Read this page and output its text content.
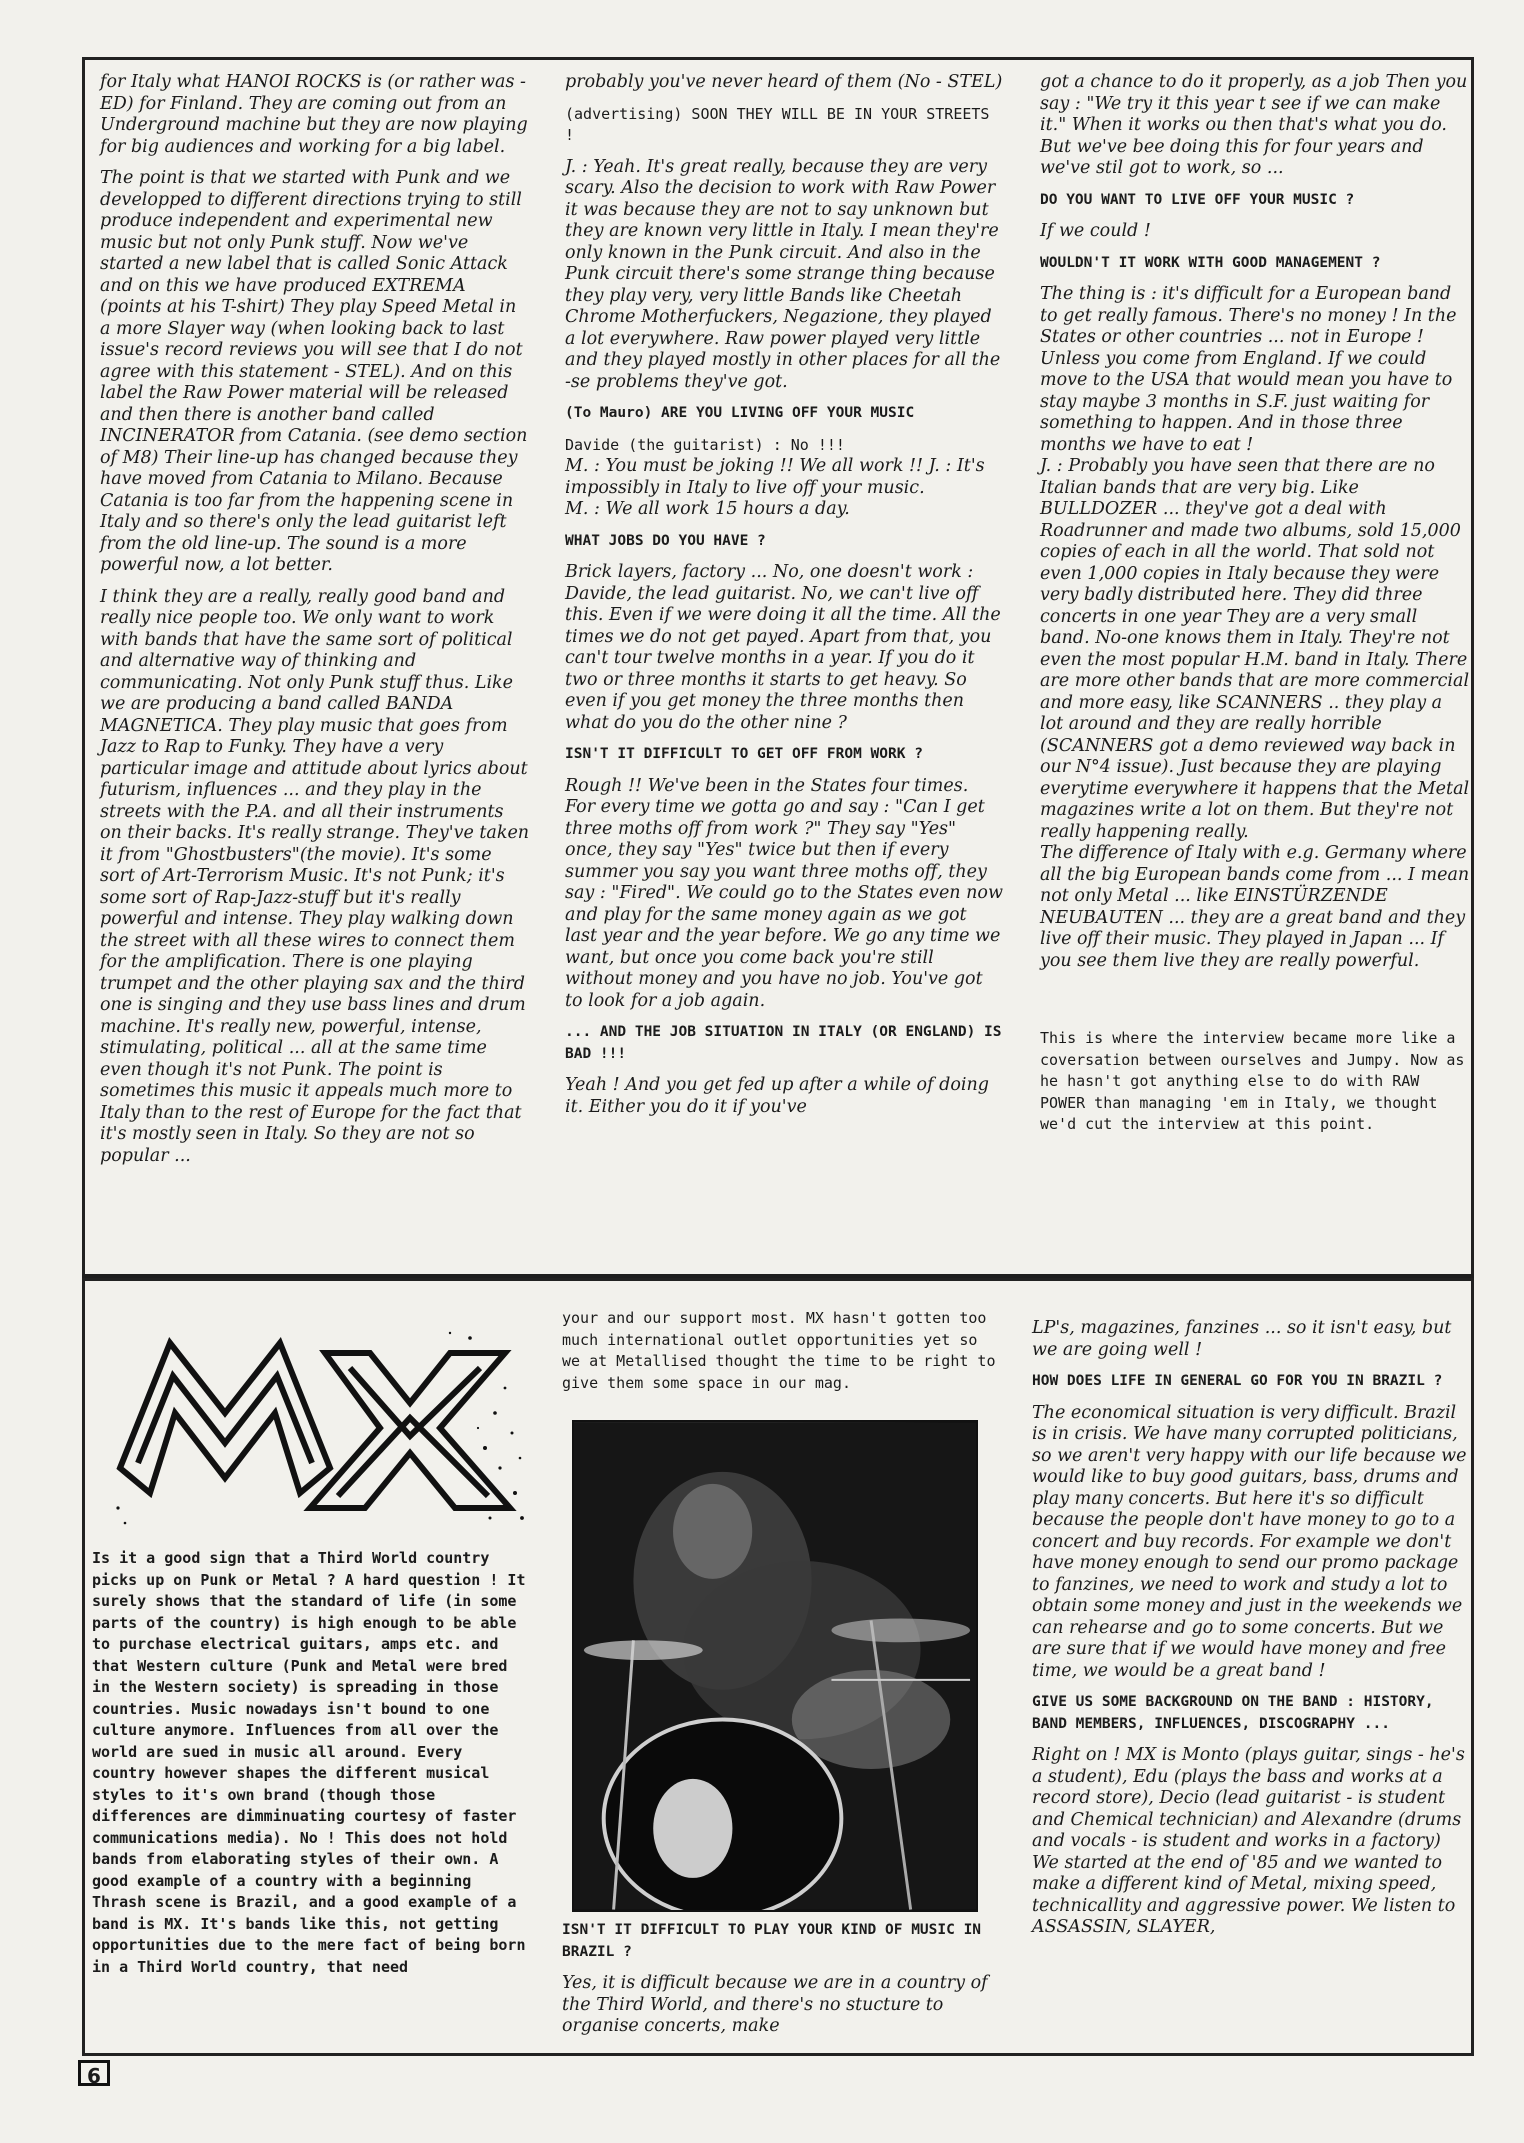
for Italy what HANOI ROCKS is (or rather was - ED) for Finland. They are coming out from an Underground machine but they are now playing for big audiences and working for a big label.

The point is that we started with Punk and we developped to different directions trying to still produce independent and experimental new music but not only Punk stuff. Now we've started a new label that is called Sonic Attack and on this we have produced EXTREMA (points at his T-shirt) They play Speed Metal in a more Slayer way (when looking back to last issue's record reviews you will see that I do not agree with this statement - STEL). And on this label the Raw Power material will be released and then there is another band called INCINERATOR from Catania. (see demo section of M8) Their line-up has changed because they have moved from Catania to Milano. Because Catania is too far from the happening scene in Italy and so there's only the lead guitarist left from the old line-up. The sound is a more powerful now, a lot better.

I think they are a really, really good band and really nice people too. We only want to work with bands that have the same sort of political and alternative way of thinking and communicating. Not only Punk stuff thus. Like we are producing a band called BANDA MAGNETICA. They play music that goes from Jazz to Rap to Funky. They have a very particular image and attitude about lyrics about futurism, influences ... and they play in the streets with the P.A. and all their instruments on their backs. It's really strange. They've taken it from "Ghostbusters"(the movie). It's some sort of Art-Terrorism Music. It's not Punk; it's some sort of Rap-Jazz-stuff but it's really powerful and intense. They play walking down the street with all these wires to connect them for the amplification. There is one playing trumpet and the other playing sax and the third one is singing and they use bass lines and drum machine. It's really new, powerful, intense, stimulating, political ... all at the same time even though it's not Punk. The point is sometimes this music it appeals much more to Italy than to the rest of Europe for the fact that it's mostly seen in Italy. So they are not so popular ...

probably you've never heard of them (No - STEL)

(advertising) SOON THEY WILL BE IN YOUR STREETS !

J. : Yeah. It's great really, because they are very scary. Also the decision to work with Raw Power it was because they are not to say unknown but they are known very little in Italy. I mean they're only known in the Punk circuit. And also in the Punk circuit there's some strange thing because they play very, very little Bands like Cheetah Chrome Motherfuckers, Negazione, they played a lot everywhere. Raw power played very little and they played mostly in other places for all the -se problems they've got.

(To Mauro) ARE YOU LIVING OFF YOUR MUSIC

Davide (the guitarist) : No !!!

M. : You must be joking !! We all work !! J. : It's impossibly in Italy to live off your music.

M. : We all work 15 hours a day.

WHAT JOBS DO YOU HAVE ?

Brick layers, factory ... No, one doesn't work : Davide, the lead guitarist. No, we can't live off this. Even if we were doing it all the time. All the times we do not get payed. Apart from that, you can't tour twelve months in a year. If you do it two or three months it starts to get heavy. So even if you get money the three months then what do you do the other nine ?

ISN'T IT DIFFICULT TO GET OFF FROM WORK ?

Rough !! We've been in the States four times. For every time we gotta go and say : "Can I get three moths off from work ?" They say "Yes" once, they say "Yes" twice but then if every summer you say you want three moths off, they say : "Fired". We could go to the States even now and play for the same money again as we got last year and the year before. We go any time we want, but once you come back you're still without money and you have no job. You've got to look for a job again.

... AND THE JOB SITUATION IN ITALY (OR ENGLAND) IS BAD !!!

Yeah ! And you get fed up after a while of doing it. Either you do it if you've

got a chance to do it properly, as a job Then you say : "We try it this year t see if we can make it." When it works ou then that's what you do. But we've bee doing this for four years and we've stil got to work, so ...

DO YOU WANT TO LIVE OFF YOUR MUSIC ?

If we could !

WOULDN'T IT WORK WITH GOOD MANAGEMENT ?

The thing is : it's difficult for a European band to get really famous. There's no money ! In the States or other countries ... not in Europe ! Unless you come from England. If we could move to the USA that would mean you have to stay maybe 3 months in S.F. just waiting for something to happen. And in those three months we have to eat !

J. : Probably you have seen that there are no Italian bands that are very big. Like BULLDOZER ... they've got a deal with Roadrunner and made two albums, sold 15,000 copies of each in all the world. That sold not even 1,000 copies in Italy because they were very badly distributed here. They did three concerts in one year They are a very small band. No-one knows them in Italy. They're not even the most popular H.M. band in Italy. There are more other bands that are more commercial and more easy, like SCANNERS .. they play a lot around and they are really horrible (SCANNERS got a demo reviewed way back in our N°4 issue). Just because they are playing everytime everywhere it happens that the Metal magazines write a lot on them. But they're not really happening really.

The difference of Italy with e.g. Germany where all the big European bands come from ... I mean not only Metal ... like EINSTÜRZENDE NEUBAUTEN ... they are a great band and they live off their music. They played in Japan ... If you see them live they are really powerful.

This is where the interview became more like a coversation between ourselves and Jumpy. Now as he hasn't got anything else to do with RAW POWER than managing 'em in Italy, we thought we'd cut the interview at this point.

Is it a good sign that a Third World country picks up on Punk or Metal ? A hard question ! It surely shows that the standard of life (in some parts of the country) is high enough to be able to purchase electrical guitars, amps etc. and that Western culture (Punk and Metal were bred in the Western society) is spreading in those countries. Music nowadays isn't bound to one culture anymore. Influences from all over the world are sued in music all around. Every country however shapes the different musical styles to it's own brand (though those differences are dimminuating courtesy of faster communications media). No ! This does not hold bands from elaborating styles of their own. A good example of a country with a beginning Thrash scene is Brazil, and a good example of a band is MX. It's bands like this, not getting opportunities due to the mere fact of being born in a Third World country, that need

your and our support most. MX hasn't gotten too much international outlet opportunities yet so we at Metallised thought the time to be right to give them some space in our mag.

ISN'T IT DIFFICULT TO PLAY YOUR KIND OF MUSIC IN BRAZIL ?

Yes, it is difficult because we are in a country of the Third World, and there's no stucture to organise concerts, make

LP's, magazines, fanzines ... so it isn't easy, but we are going well !

HOW DOES LIFE IN GENERAL GO FOR YOU IN BRAZIL ?

The economical situation is very difficult. Brazil is in crisis. We have many corrupted politicians, so we aren't very happy with our life because we would like to buy good guitars, bass, drums and play many concerts. But here it's so difficult because the people don't have money to go to a concert and buy records. For example we don't have money enough to send our promo package to fanzines, we need to work and study a lot to obtain some money and just in the weekends we can rehearse and go to some concerts. But we are sure that if we would have money and free time, we would be a great band !

GIVE US SOME BACKGROUND ON THE BAND : HISTORY, BAND MEMBERS, INFLUENCES, DISCOGRAPHY ...

Right on ! MX is Monto (plays guitar, sings - he's a student), Edu (plays the bass and works at a record store), Decio (lead guitarist - is student and Chemical technician) and Alexandre (drums and vocals - is student and works in a factory) We started at the end of '85 and we wanted to make a different kind of Metal, mixing speed, technicallity and aggressive power. We listen to ASSASSIN, SLAYER,

6
